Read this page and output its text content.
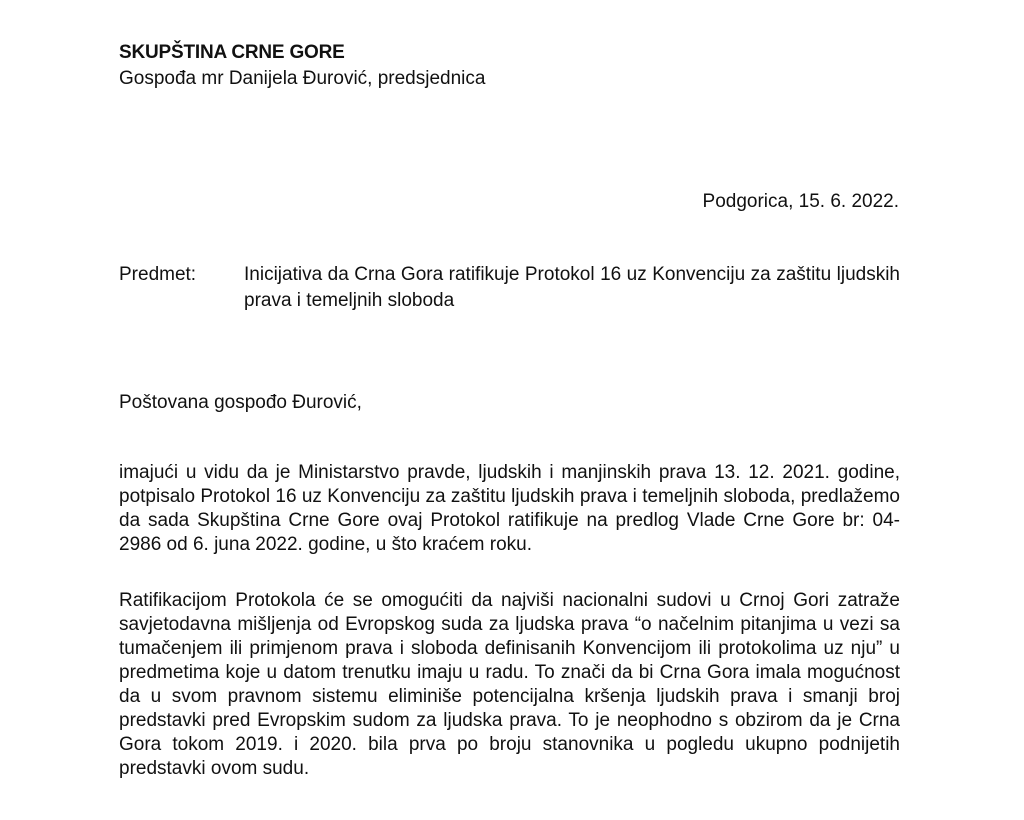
SKUPŠTINA CRNE GORE
Gospođa mr Danijela Đurović, predsjednica
Podgorica, 15. 6. 2022.
Predmet:	Inicijativa da Crna Gora ratifikuje Protokol 16 uz Konvenciju za zaštitu ljudskih prava i temeljnih sloboda
Poštovana gospođo Đurović,
imajući u vidu da je Ministarstvo pravde, ljudskih i manjinskih prava 13. 12. 2021. godine, potpisalo Protokol 16 uz Konvenciju za zaštitu ljudskih prava i temeljnih sloboda, predlažemo da sada Skupština Crne Gore ovaj Protokol ratifikuje na predlog Vlade Crne Gore br: 04-2986 od 6. juna 2022. godine, u što kraćem roku.
Ratifikacijom Protokola će se omogućiti da najviši nacionalni sudovi u Crnoj Gori zatraže savjetodavna mišljenja od Evropskog suda za ljudska prava “o načelnim pitanjima u vezi sa tumačenjem ili primjenom prava i sloboda definisanih Konvencijom ili protokolima uz nju” u predmetima koje u datom trenutku imaju u radu. To znači da bi Crna Gora imala mogućnost da u svom pravnom sistemu eliminiše potencijalna kršenja ljudskih prava i smanji broj predstavki pred Evropskim sudom za ljudska prava. To je neophodno s obzirom da je Crna Gora tokom 2019. i 2020. bila prva po broju stanovnika u pogledu ukupno podnijetih predstavki ovom sudu.
